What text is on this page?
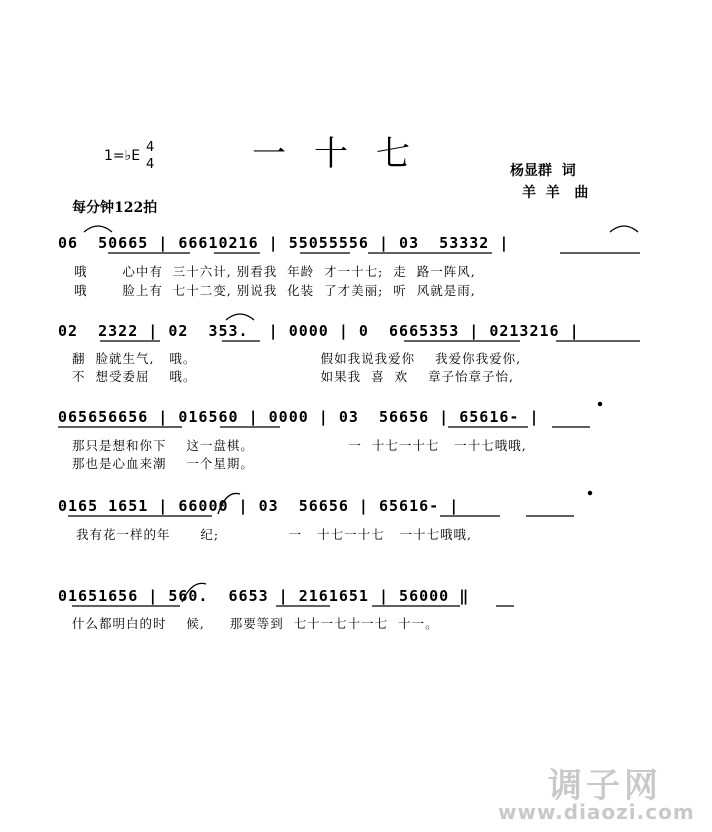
1=♭E
4
4	一十七	杨显群  词
羊  羊   曲
每分钟122拍
06  50665 | 66610216 | 55055556 | 03  53332 |
哦       心中有  三十六计, 别看我  年龄  才一十七;  走  路一阵风,
哦       脸上有  七十二变, 别说我  化装  了才美丽;  听  风就是雨,
02  2322 | 02  353.  | 0000 | 0  6665353 | 0213216 |
翻  脸就生气,   哦。                         假如我说我爱你    我爱你我爱你,
不  想受委屈    哦。                         如果我  喜  欢    章子怡章子怡,
065656656 | 016560 | 0000 | 03  56656 | 65616- |
那只是想和你下    这一盘棋。                   一  十七一十七   一十七哦哦,
那也是心血来潮    一个星期。
0165 1651 | 66000 | 03  56656 | 65616- |
我有花一样的年      纪;              一   十七一十七   一十七哦哦,
01651656 | 560.  6653 | 2161651 | 56000 ‖
什么都明白的时    候,     那要等到  七十一七十一七  十一。
调子网
www.diaozi.com
